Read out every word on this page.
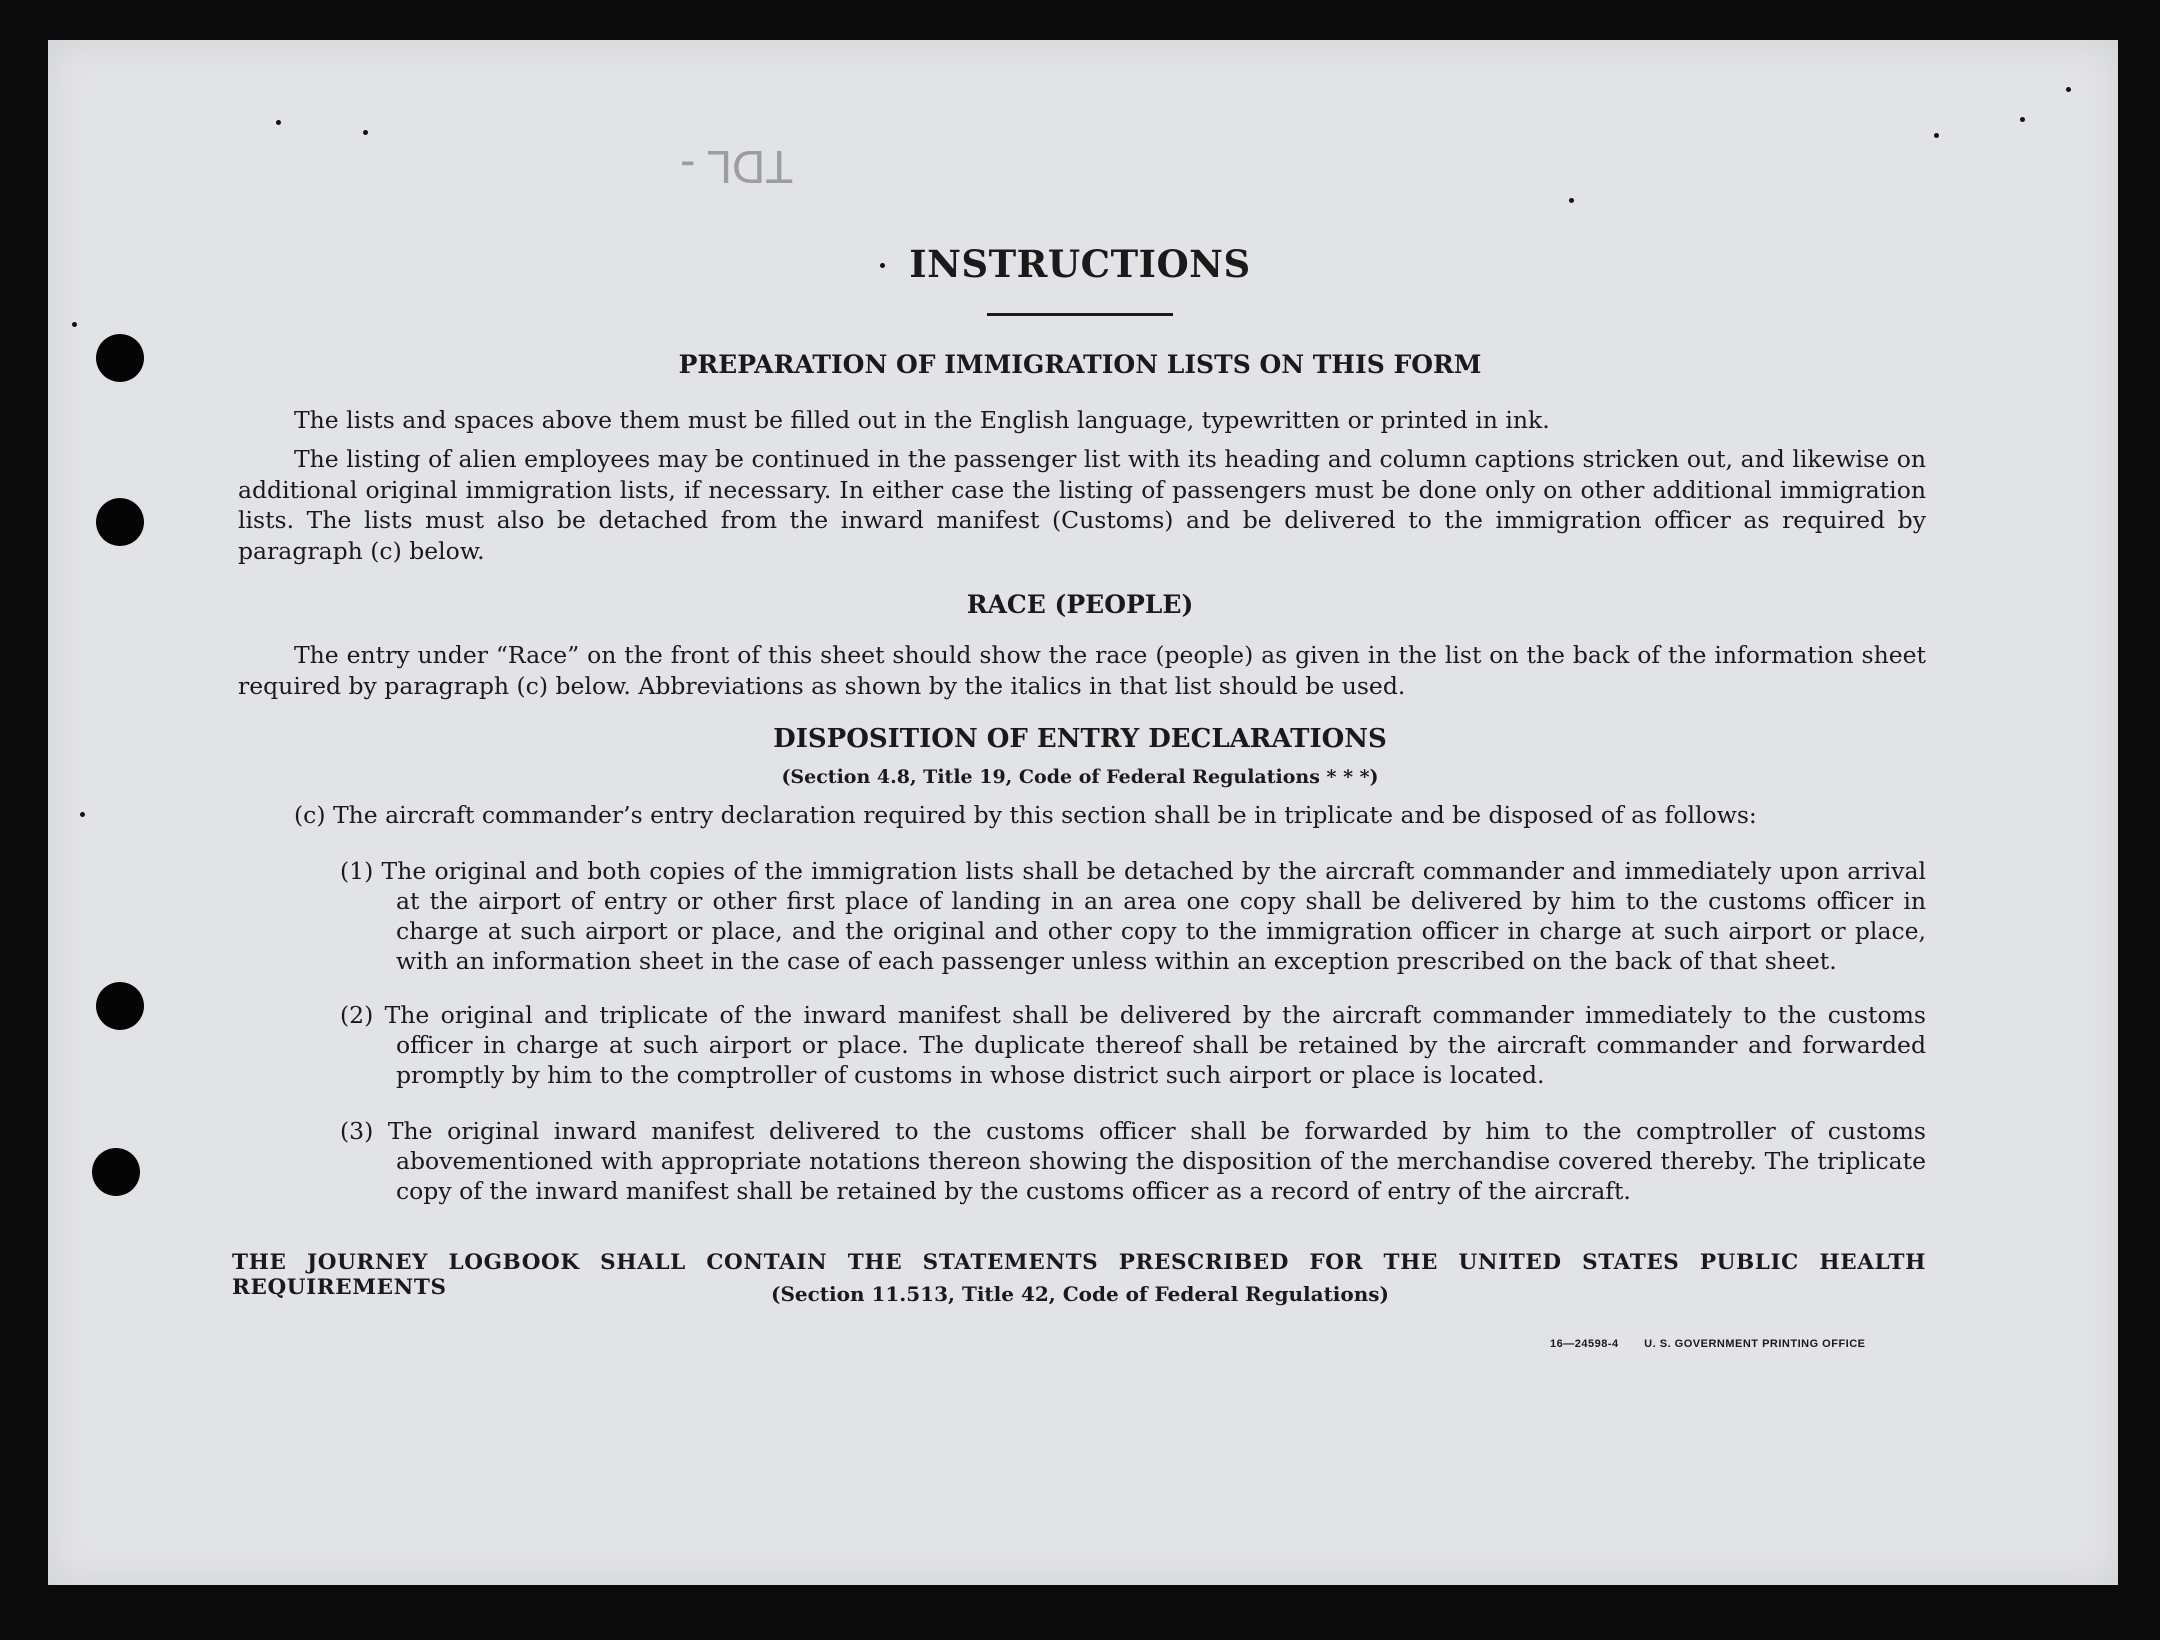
TDL -
INSTRUCTIONS
PREPARATION OF IMMIGRATION LISTS ON THIS FORM
The lists and spaces above them must be filled out in the English language, typewritten or printed in ink.
The listing of alien employees may be continued in the passenger list with its heading and column captions stricken out, and likewise on additional original immigration lists, if necessary. In either case the listing of passengers must be done only on other additional immigration lists. The lists must also be detached from the inward manifest (Customs) and be delivered to the immigration officer as required by paragraph (c) below.
RACE (PEOPLE)
The entry under “Race” on the front of this sheet should show the race (people) as given in the list on the back of the information sheet required by paragraph (c) below. Abbreviations as shown by the italics in that list should be used.
DISPOSITION OF ENTRY DECLARATIONS
(Section 4.8, Title 19, Code of Federal Regulations * * *)
(c) The aircraft commander’s entry declaration required by this section shall be in triplicate and be disposed of as follows:
(1) The original and both copies of the immigration lists shall be detached by the aircraft commander and immediately upon arrival at the airport of entry or other first place of landing in an area one copy shall be delivered by him to the customs officer in charge at such airport or place, and the original and other copy to the immigration officer in charge at such airport or place, with an information sheet in the case of each passenger unless within an exception prescribed on the back of that sheet.
(2) The original and triplicate of the inward manifest shall be delivered by the aircraft commander immediately to the customs officer in charge at such airport or place. The duplicate thereof shall be retained by the aircraft commander and forwarded promptly by him to the comptroller of customs in whose district such airport or place is located.
(3) The original inward manifest delivered to the customs officer shall be forwarded by him to the comptroller of customs abovementioned with appropriate notations thereon showing the disposition of the merchandise covered thereby. The triplicate copy of the inward manifest shall be retained by the customs officer as a record of entry of the aircraft.
THE JOURNEY LOGBOOK SHALL CONTAIN THE STATEMENTS PRESCRIBED FOR THE UNITED STATES PUBLIC HEALTH REQUIREMENTS	(Section 11.513, Title 42, Code of Federal Regulations)
16—24598-4 U. S. GOVERNMENT PRINTING OFFICE
